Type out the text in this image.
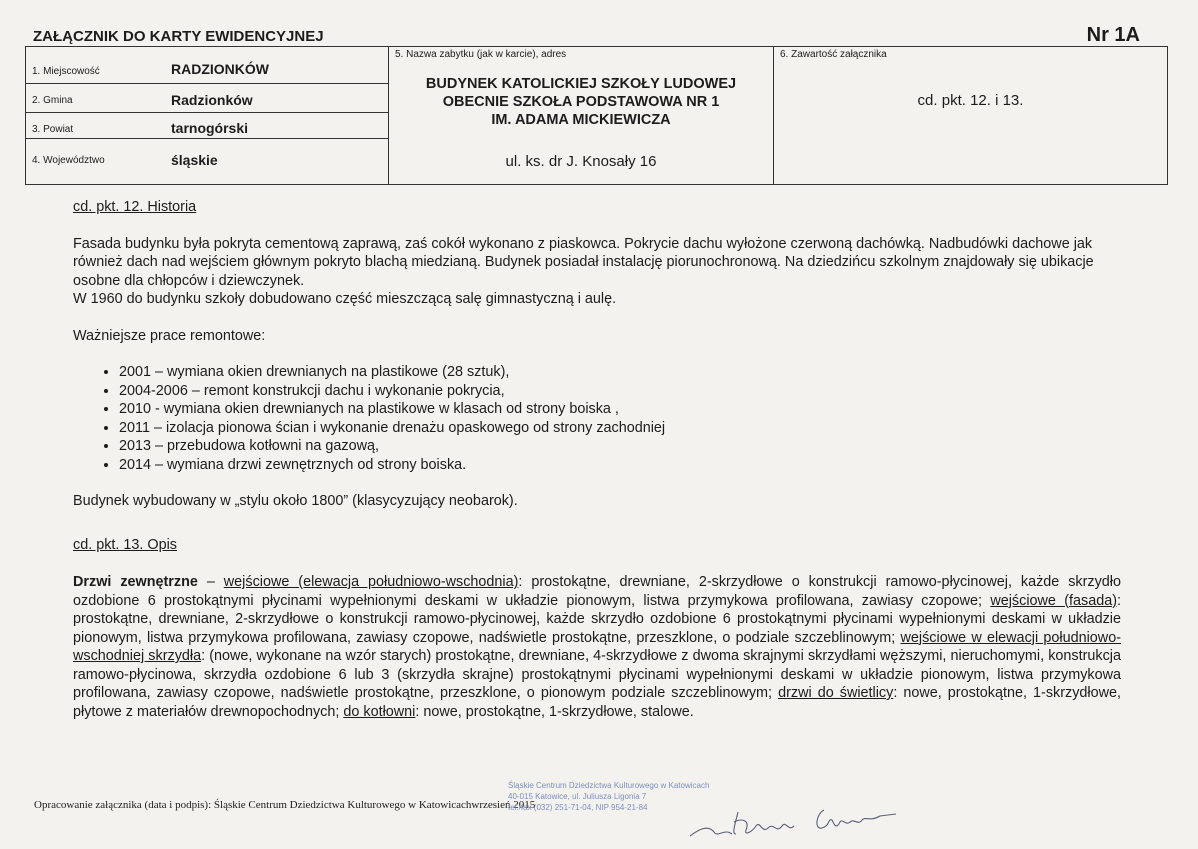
ZAŁĄCZNIK DO KARTY EWIDENCYJNEJ	Nr 1A
1. Miejscowość	RADZIONKÓW
2. Gmina	Radzionków
3. Powiat	tarnogórski
4. Województwo	śląskie
5. Nazwa zabytku (jak w karcie), adres
BUDYNEK KATOLICKIEJ SZKOŁY LUDOWEJ
OBECNIE SZKOŁA PODSTAWOWA NR 1
IM. ADAMA MICKIEWICZA
ul. ks. dr J. Knosały 16
6. Zawartość załącznika
cd. pkt. 12. i 13.

cd. pkt. 12. Historia

Fasada budynku była pokryta cementową zaprawą, zaś cokół wykonano z piaskowca. Pokrycie dachu wyłożone czerwoną dachówką. Nadbudówki dachowe jak również dach nad wejściem głównym pokryto blachą miedzianą. Budynek posiadał instalację piorunochronową. Na dziedzińcu szkolnym znajdowały się ubikacje osobne dla chłopców i dziewczynek.

W 1960 do budynku szkoły dobudowano część mieszczącą salę gimnastyczną i aulę.

Ważniejsze prace remontowe:

• 2001 – wymiana okien drewnianych na plastikowe (28 sztuk),
• 2004-2006 – remont konstrukcji dachu i wykonanie pokrycia,
• 2010 - wymiana okien drewnianych na plastikowe w klasach od strony boiska ,
• 2011 – izolacja pionowa ścian i wykonanie drenażu opaskowego od strony zachodniej
• 2013 – przebudowa kotłowni na gazową,
• 2014 – wymiana drzwi zewnętrznych od strony boiska.

Budynek wybudowany w „stylu około 1800” (klasycyzujący neobarok).

cd. pkt. 13. Opis

Drzwi zewnętrzne – wejściowe (elewacja południowo-wschodnia): prostokątne, drewniane, 2-skrzydłowe o konstrukcji ramowo-płycinowej, każde skrzydło ozdobione 6 prostokątnymi płycinami wypełnionymi deskami w układzie pionowym, listwa przymykowa profilowana, zawiasy czopowe; wejściowe (fasada): prostokątne, drewniane, 2-skrzydłowe o konstrukcji ramowo-płycinowej, każde skrzydło ozdobione 6 prostokątnymi płycinami wypełnionymi deskami w układzie pionowym, listwa przymykowa profilowana, zawiasy czopowe, nadświetle prostokątne, przeszklone, o podziale szczeblinowym; wejściowe w elewacji południowo-wschodniej skrzydła: (nowe, wykonane na wzór starych) prostokątne, drewniane, 4-skrzydłowe z dwoma skrajnymi skrzydłami węższymi, nieruchomymi, konstrukcja ramowo-płycinowa, skrzydła ozdobione 6 lub 3 (skrzydła skrajne) prostokątnymi płycinami wypełnionymi deskami w układzie pionowym, listwa przymykowa profilowana, zawiasy czopowe, nadświetle prostokątne, przeszklone, o pionowym podziale szczeblinowym; drzwi do świetlicy: nowe, prostokątne, 1-skrzydłowe, płytowe z materiałów drewnopochodnych; do kotłowni: nowe, prostokątne, 1-skrzydłowe, stalowe.

Opracowanie załącznika (data i podpis): Śląskie Centrum Dziedzictwa Kulturowego w Katowicachwrzesień 2015
Śląskie Centrum Dziedzictwa Kulturowego w Katowicach
40-015 Katowice, ul. Juliusza Ligonia 7
tel./fax (032) 251-71-04, NIP 954-21-84
